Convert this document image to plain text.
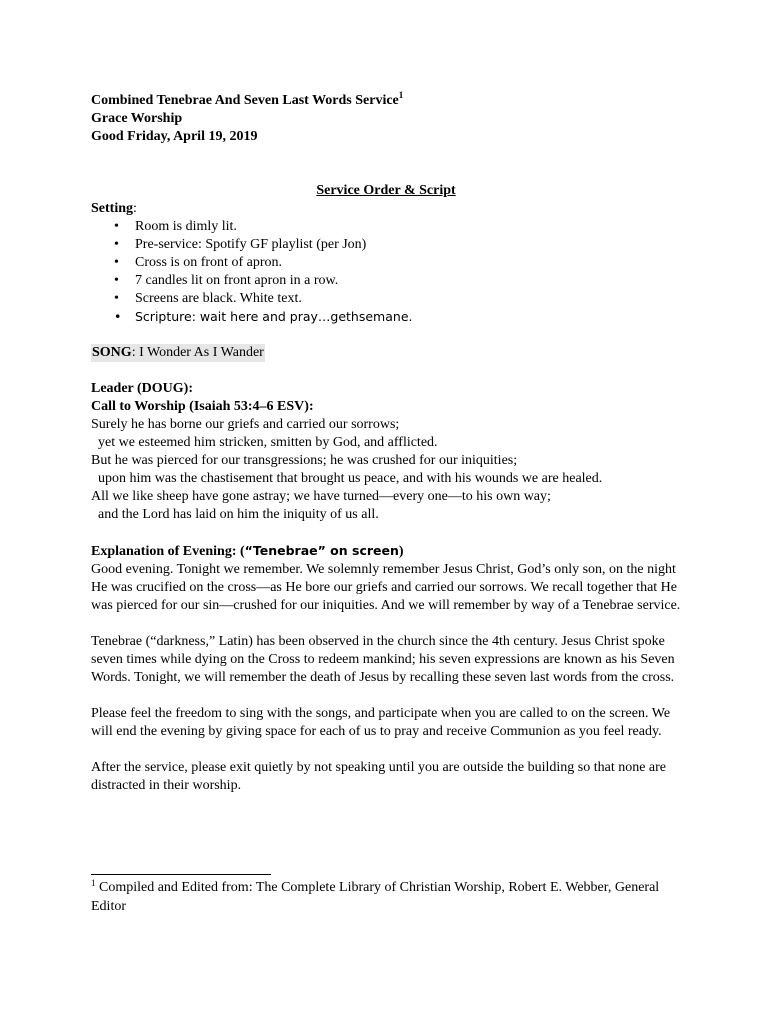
Combined Tenebrae And Seven Last Words Service$^1$
Grace Worship
Good Friday, April 19, 2019
Service Order & Script
Setting:
• Room is dimly lit.
• Pre-service: Spotify GF playlist (per Jon)
• Cross is on front of apron.
• 7 candles lit on front apron in a row.
• Screens are black. White text.
• Scripture: wait here and pray…gethsemane.
SONG: I Wonder As I Wander
Leader (DOUG):
Call to Worship (Isaiah 53:4–6 ESV):
Surely he has borne our griefs and carried our sorrows;
yet we esteemed him stricken, smitten by God, and afflicted.
But he was pierced for our transgressions; he was crushed for our iniquities;
upon him was the chastisement that brought us peace, and with his wounds we are healed.
All we like sheep have gone astray; we have turned—every one—to his own way;
and the Lord has laid on him the iniquity of us all.
Explanation of Evening: (“Tenebrae” on screen)

Good evening. Tonight we remember. We solemnly remember Jesus Christ, God’s only son, on the night He was crucified on the cross—as He bore our griefs and carried our sorrows. We recall together that He was pierced for our sin—crushed for our iniquities. And we will remember by way of a Tenebrae service.

Tenebrae (“darkness,” Latin) has been observed in the church since the 4th century. Jesus Christ spoke seven times while dying on the Cross to redeem mankind; his seven expressions are known as his Seven Words. Tonight, we will remember the death of Jesus by recalling these seven last words from the cross.

Please feel the freedom to sing with the songs, and participate when you are called to on the screen. We will end the evening by giving space for each of us to pray and receive Communion as you feel ready.

After the service, please exit quietly by not speaking until you are outside the building so that none are distracted in their worship.

$^1$ Compiled and Edited from: The Complete Library of Christian Worship, Robert E. Webber, General Editor
